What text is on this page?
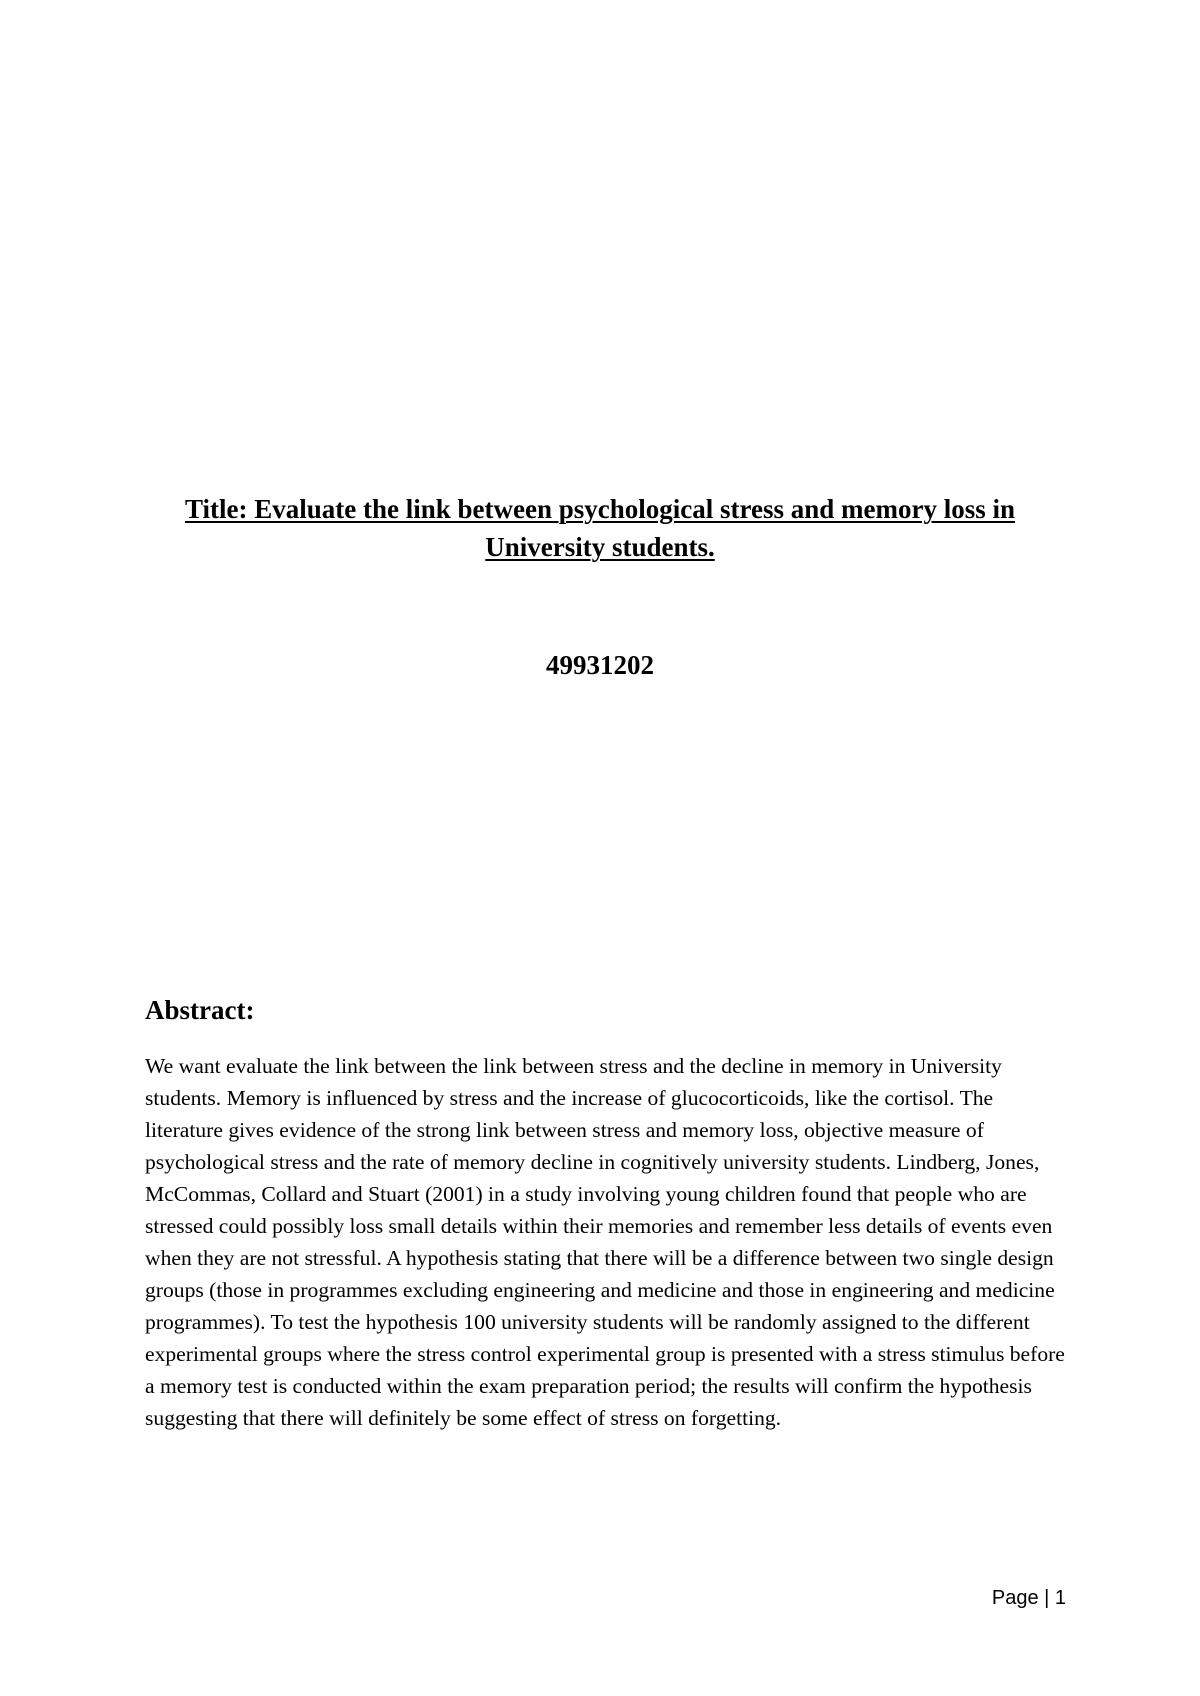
Title: Evaluate the link between psychological stress and memory loss in University students.
49931202
Abstract:
We want evaluate the link between the link between stress and the decline in memory in University students. Memory is influenced by stress and the increase of glucocorticoids, like the cortisol. The literature gives evidence of the strong link between stress and memory loss, objective measure of psychological stress and the rate of memory decline in cognitively university students. Lindberg, Jones, McCommas, Collard and Stuart (2001) in a study involving young children found that people who are stressed could possibly loss small details within their memories and remember less details of events even when they are not stressful. A hypothesis stating that there will be a difference between two single design groups (those in programmes excluding engineering and medicine and those in engineering and medicine programmes). To test the hypothesis 100 university students will be randomly assigned to the different experimental groups where the stress control experimental group is presented with a stress stimulus before a memory test is conducted within the exam preparation period; the results will confirm the hypothesis suggesting that there will definitely be some effect of stress on forgetting.
Page | 1
